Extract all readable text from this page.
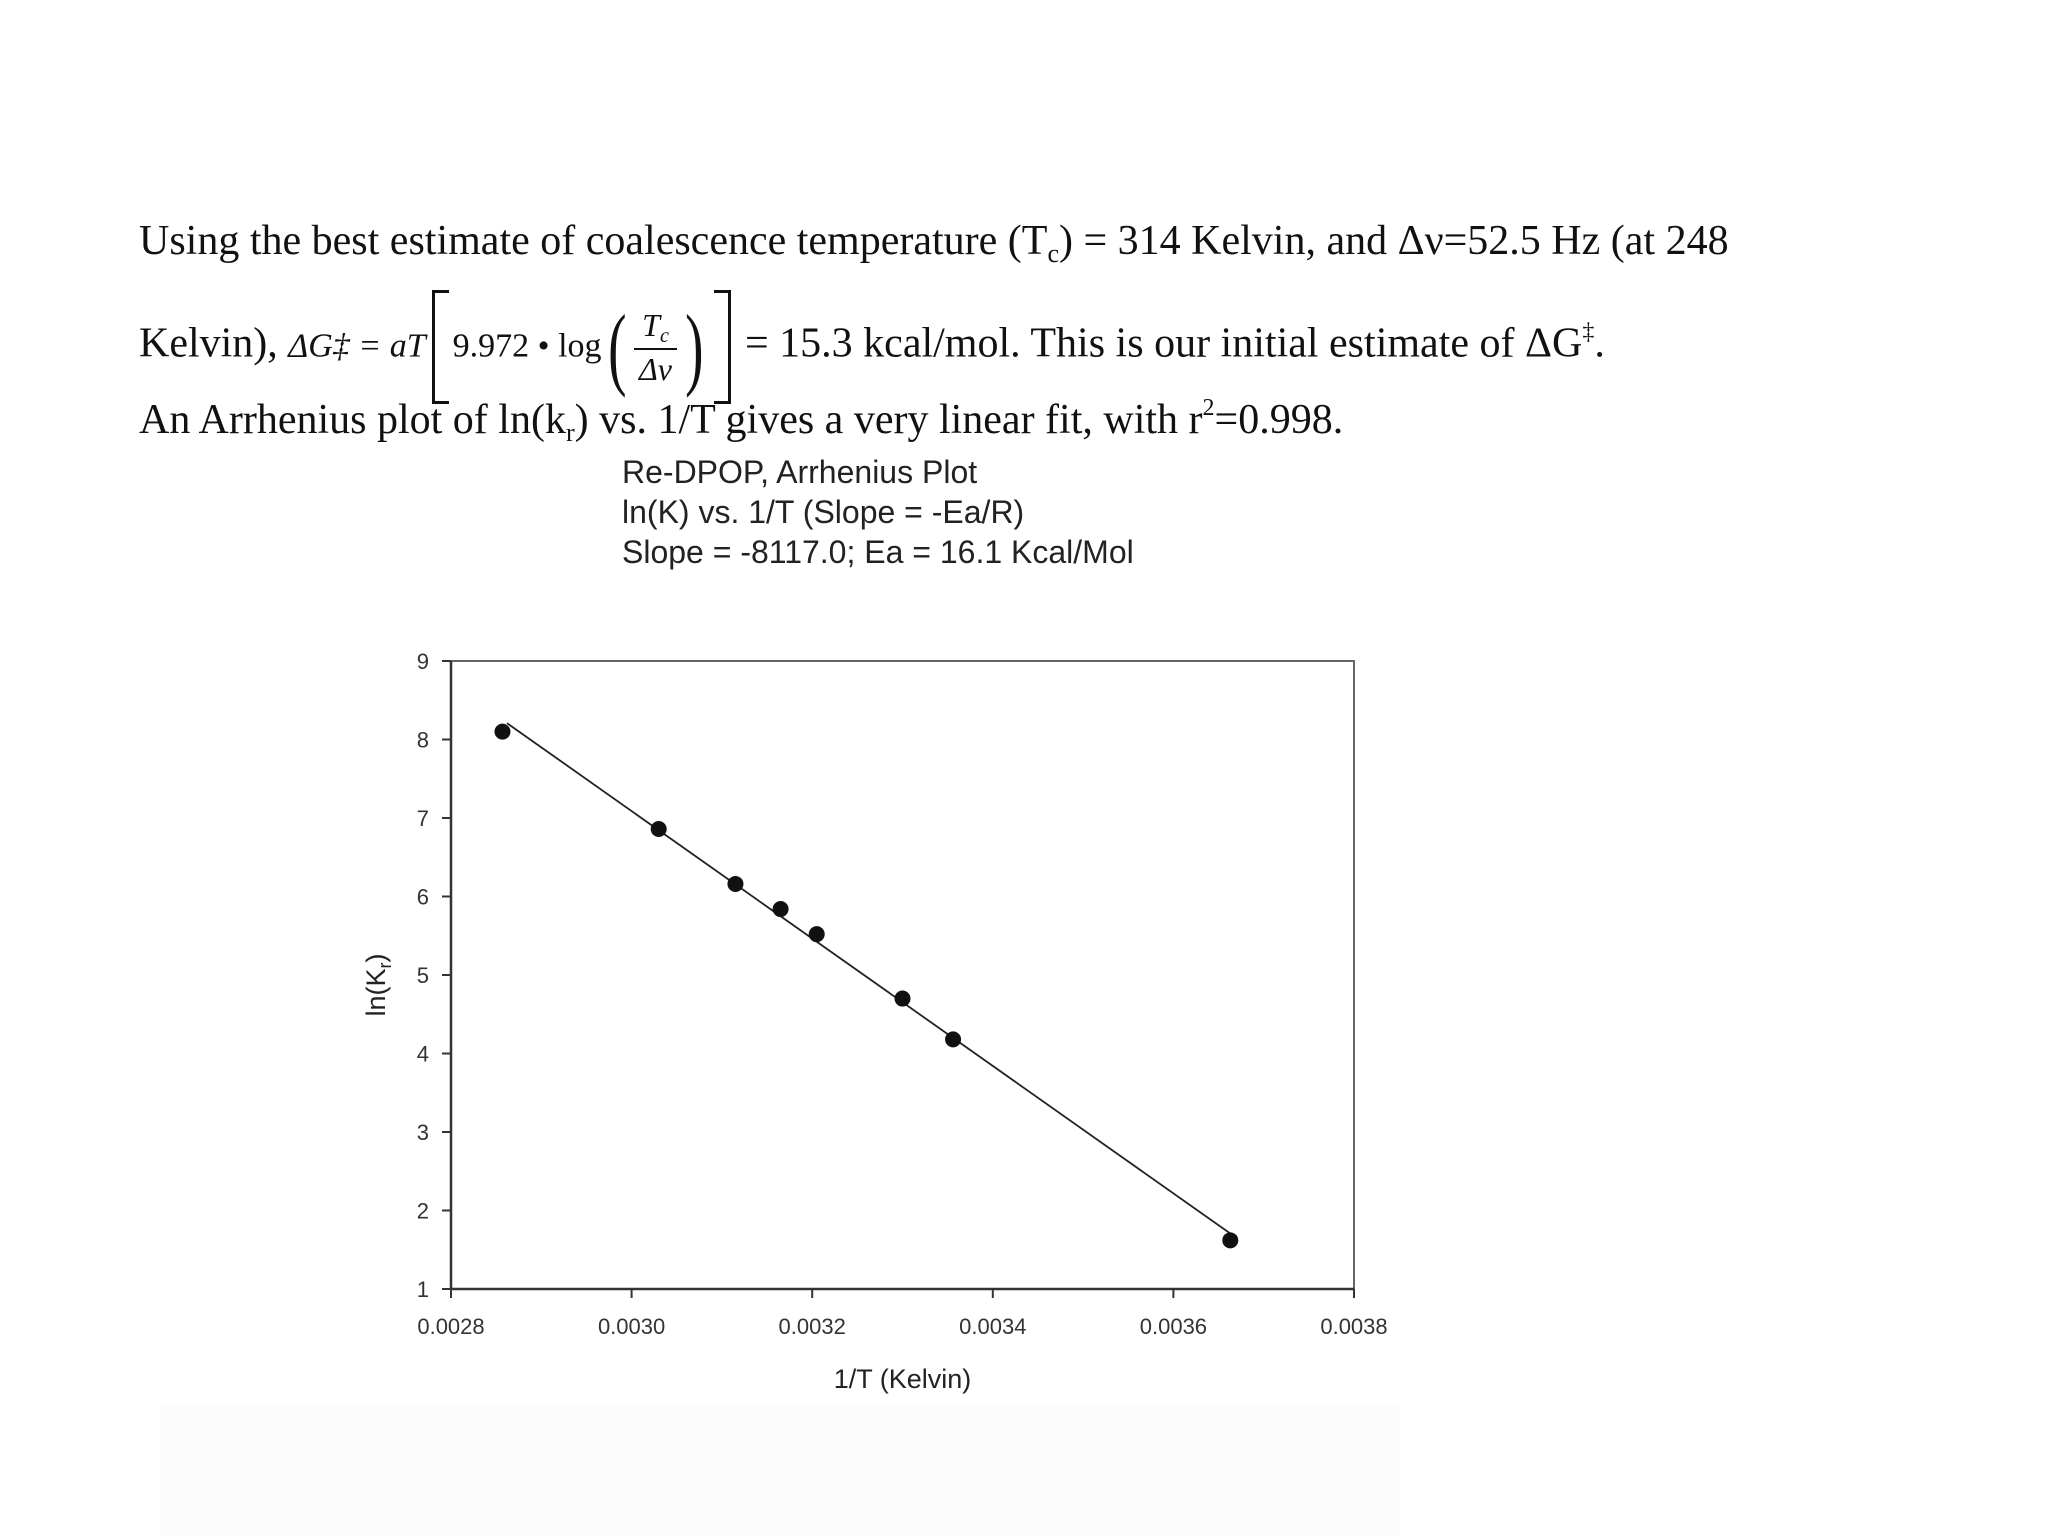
Using the best estimate of coalescence temperature (Tc) = 314 Kelvin, and Δν=52.5 Hz (at 248
Kelvin), ΔG‡ = aT 9.972 • $\log( \frac{Tc}{\Delta\nu}$ ) = 15.3 kcal/mol. This is our initial estimate of ΔG‡.
An Arrhenius plot of ln(kr) vs. 1/T gives a very linear fit, with $r^2=0.998$.
Re-DPOP, Arrhenius Plot
ln(K) vs. 1/T (Slope = -Ea/R)
Slope = -8117.0; Ea = 16.1 Kcal/Mol
0.0028	0.0030	0.0032	0.0034	0.0036	0.0038
1
2
3
4
5
6
7
8
9
1/T (Kelvin)
$\ln(K_r)$
